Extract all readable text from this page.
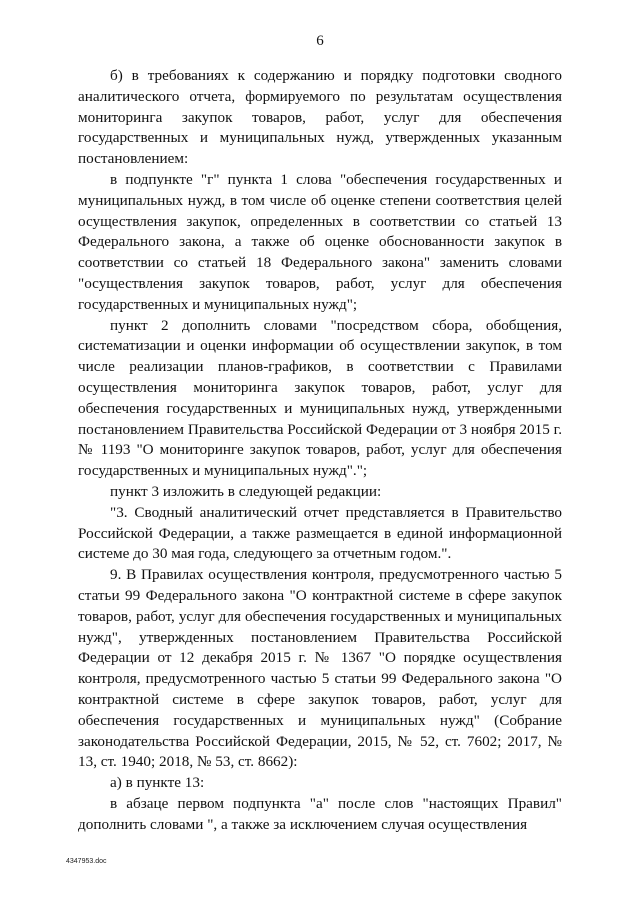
6

б) в требованиях к содержанию и порядку подготовки сводного аналитического отчета, формируемого по результатам осуществления мониторинга закупок товаров, работ, услуг для обеспечения государственных и муниципальных нужд, утвержденных указанным постановлением:

в подпункте "г" пункта 1 слова "обеспечения государственных и муниципальных нужд, в том числе об оценке степени соответствия целей осуществления закупок, определенных в соответствии со статьей 13 Федерального закона, а также об оценке обоснованности закупок в соответствии со статьей 18 Федерального закона" заменить словами "осуществления закупок товаров, работ, услуг для обеспечения государственных и муниципальных нужд";

пункт 2 дополнить словами "посредством сбора, обобщения, систематизации и оценки информации об осуществлении закупок, в том числе реализации планов-графиков, в соответствии с Правилами осуществления мониторинга закупок товаров, работ, услуг для обеспечения государственных и муниципальных нужд, утвержденными постановлением Правительства Российской Федерации от 3 ноября 2015 г. № 1193 "О мониторинге закупок товаров, работ, услуг для обеспечения государственных и муниципальных нужд".";

пункт 3 изложить в следующей редакции:

"3. Сводный аналитический отчет представляется в Правительство Российской Федерации, а также размещается в единой информационной системе до 30 мая года, следующего за отчетным годом.".

9. В Правилах осуществления контроля, предусмотренного частью 5 статьи 99 Федерального закона "О контрактной системе в сфере закупок товаров, работ, услуг для обеспечения государственных и муниципальных нужд", утвержденных постановлением Правительства Российской Федерации от 12 декабря 2015 г. № 1367 "О порядке осуществления контроля, предусмотренного частью 5 статьи 99 Федерального закона "О контрактной системе в сфере закупок товаров, работ, услуг для обеспечения государственных и муниципальных нужд" (Собрание законодательства Российской Федерации, 2015, № 52, ст. 7602; 2017, № 13, ст. 1940; 2018, № 53, ст. 8662):

а) в пункте 13:

в абзаце первом подпункта "а" после слов "настоящих Правил" дополнить словами ", а также за исключением случая осуществления

4347953.doc
